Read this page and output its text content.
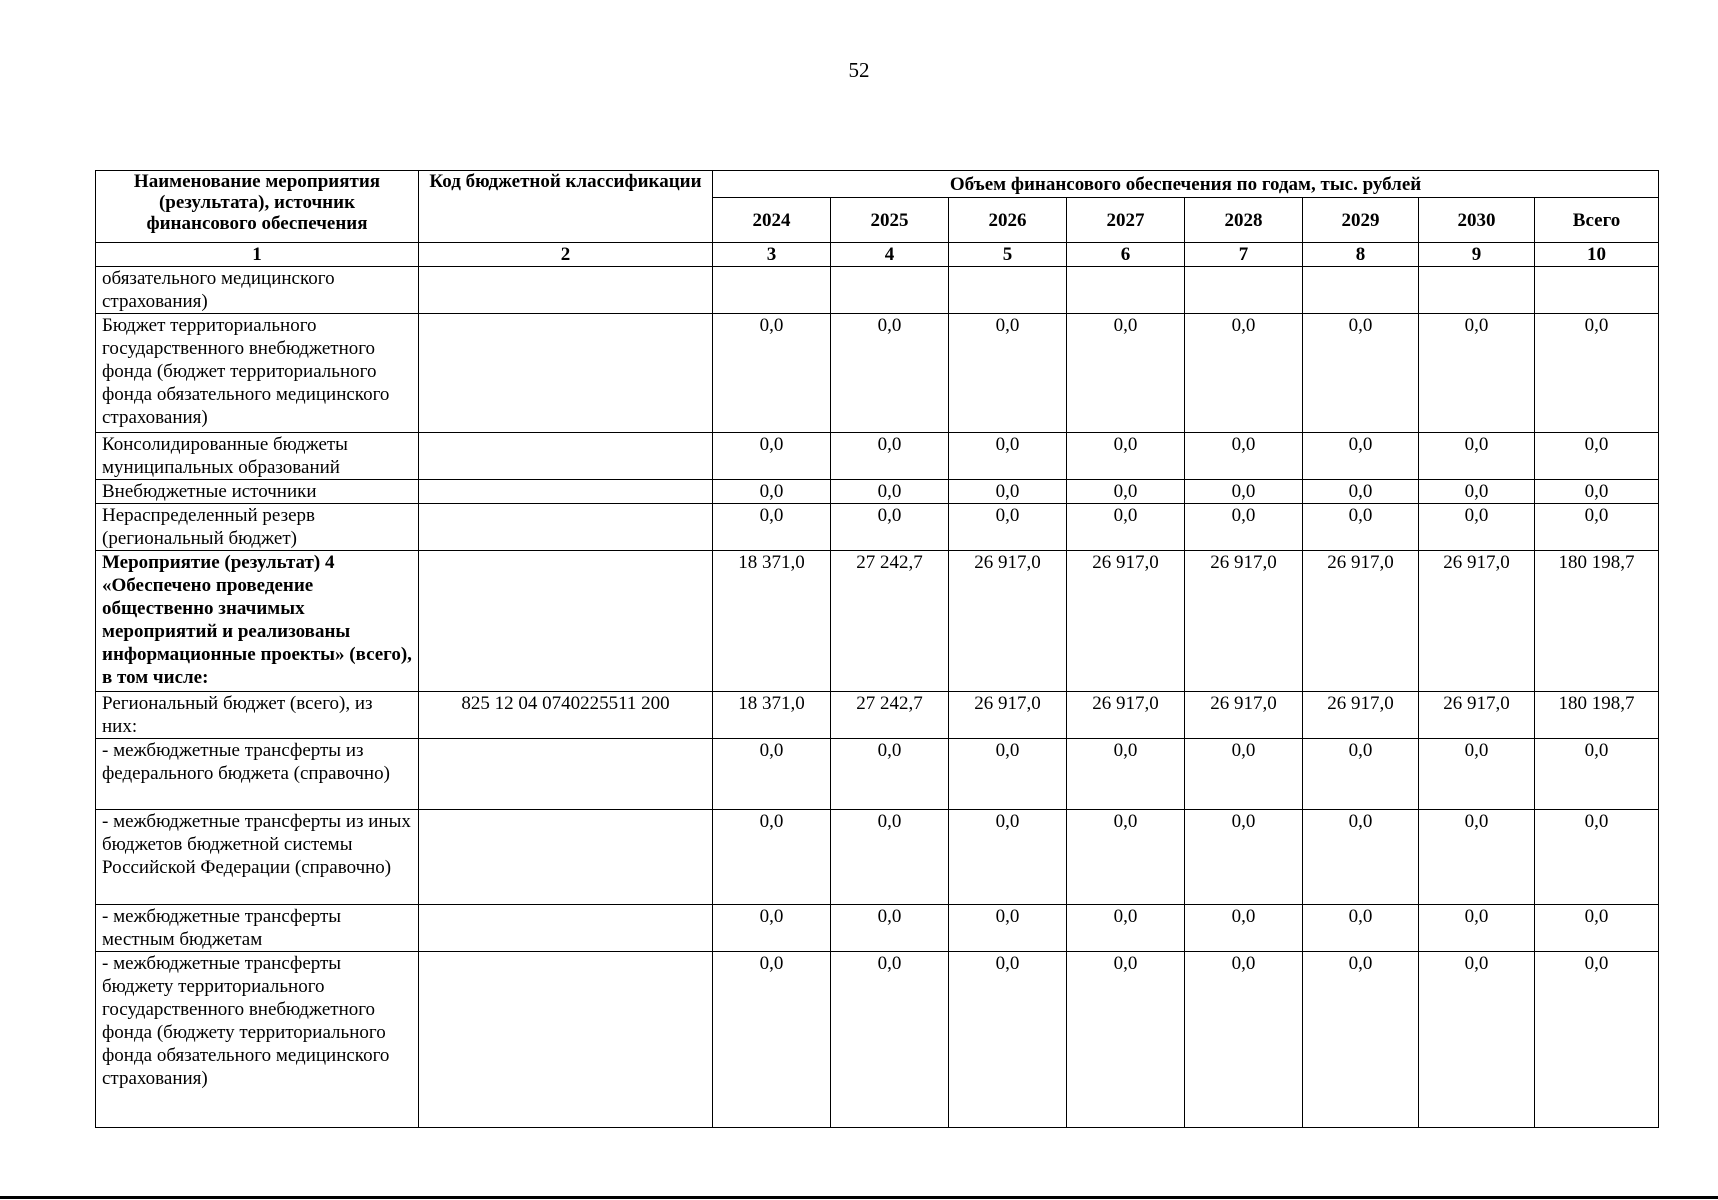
52
Наименование мероприятия (результата), источник финансового обеспечения	Код бюджетной классификации	Объем финансового обеспечения по годам, тыс. рублей							
		2024	2025	2026	2027	2028	2029	2030	Всего
1	2	3	4	5	6	7	8	9	10
обязательного медицинского страхования)									
Бюджет территориального государственного внебюджетного фонда (бюджет территориального фонда обязательного медицинского страхования)		0,0	0,0	0,0	0,0	0,0	0,0	0,0	0,0
Консолидированные бюджеты муниципальных образований		0,0	0,0	0,0	0,0	0,0	0,0	0,0	0,0
Внебюджетные источники		0,0	0,0	0,0	0,0	0,0	0,0	0,0	0,0
Нераспределенный резерв (региональный бюджет)		0,0	0,0	0,0	0,0	0,0	0,0	0,0	0,0
Мероприятие (результат) 4 «Обеспечено проведение общественно значимых мероприятий и реализованы информационные проекты» (всего), в том числе:		18 371,0	27 242,7	26 917,0	26 917,0	26 917,0	26 917,0	26 917,0	180 198,7
Региональный бюджет (всего), из них:	825 12 04 0740225511 200	18 371,0	27 242,7	26 917,0	26 917,0	26 917,0	26 917,0	26 917,0	180 198,7
- межбюджетные трансферты из федерального бюджета (справочно)		0,0	0,0	0,0	0,0	0,0	0,0	0,0	0,0
- межбюджетные трансферты из иных бюджетов бюджетной системы Российской Федерации (справочно)		0,0	0,0	0,0	0,0	0,0	0,0	0,0	0,0
- межбюджетные трансферты местным бюджетам		0,0	0,0	0,0	0,0	0,0	0,0	0,0	0,0
- межбюджетные трансферты бюджету территориального государственного внебюджетного фонда (бюджету территориального фонда обязательного медицинского страхования)		0,0	0,0	0,0	0,0	0,0	0,0	0,0	0,0
